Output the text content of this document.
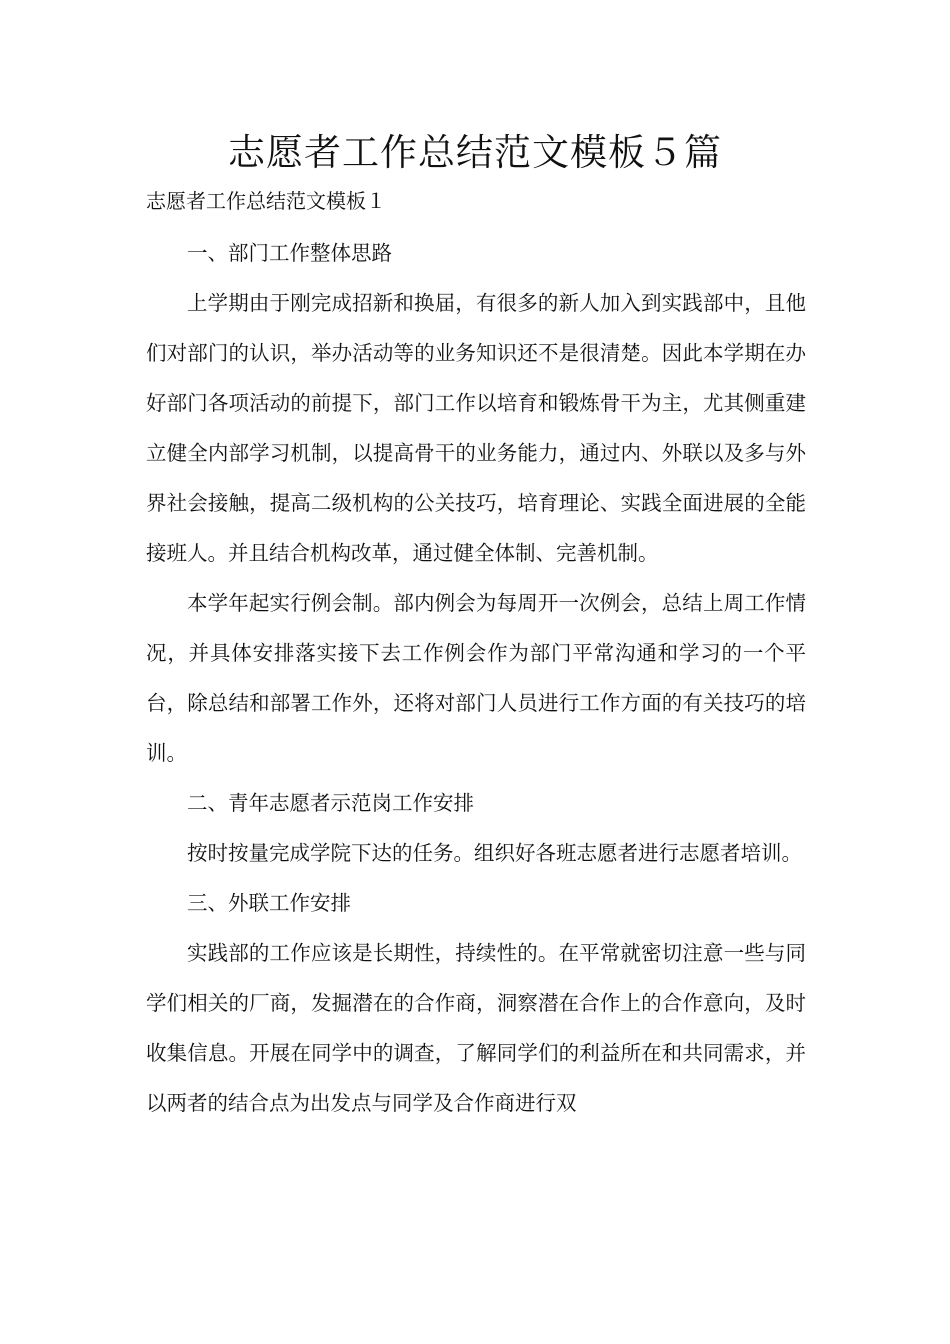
志愿者工作总结范文模板５篇

志愿者工作总结范文模板１

一、部门工作整体思路

上学期由于刚完成招新和换届，有很多的新人加入到实践部中，且他们对部门的认识，举办活动等的业务知识还不是很清楚。因此本学期在办好部门各项活动的前提下，部门工作以培育和锻炼骨干为主，尤其侧重建立健全内部学习机制，以提高骨干的业务能力，通过内、外联以及多与外界社会接触，提高二级机构的公关技巧，培育理论、实践全面进展的全能接班人。并且结合机构改革，通过健全体制、完善机制。

本学年起实行例会制。部内例会为每周开一次例会，总结上周工作情况，并具体安排落实接下去工作例会作为部门平常沟通和学习的一个平台，除总结和部署工作外，还将对部门人员进行工作方面的有关技巧的培训。

二、青年志愿者示范岗工作安排

按时按量完成学院下达的任务。组织好各班志愿者进行志愿者培训。

三、外联工作安排

实践部的工作应该是长期性，持续性的。在平常就密切注意一些与同学们相关的厂商，发掘潜在的合作商，洞察潜在合作上的合作意向，及时收集信息。开展在同学中的调查，了解同学们的利益所在和共同需求，并以两者的结合点为出发点与同学及合作商进行双
